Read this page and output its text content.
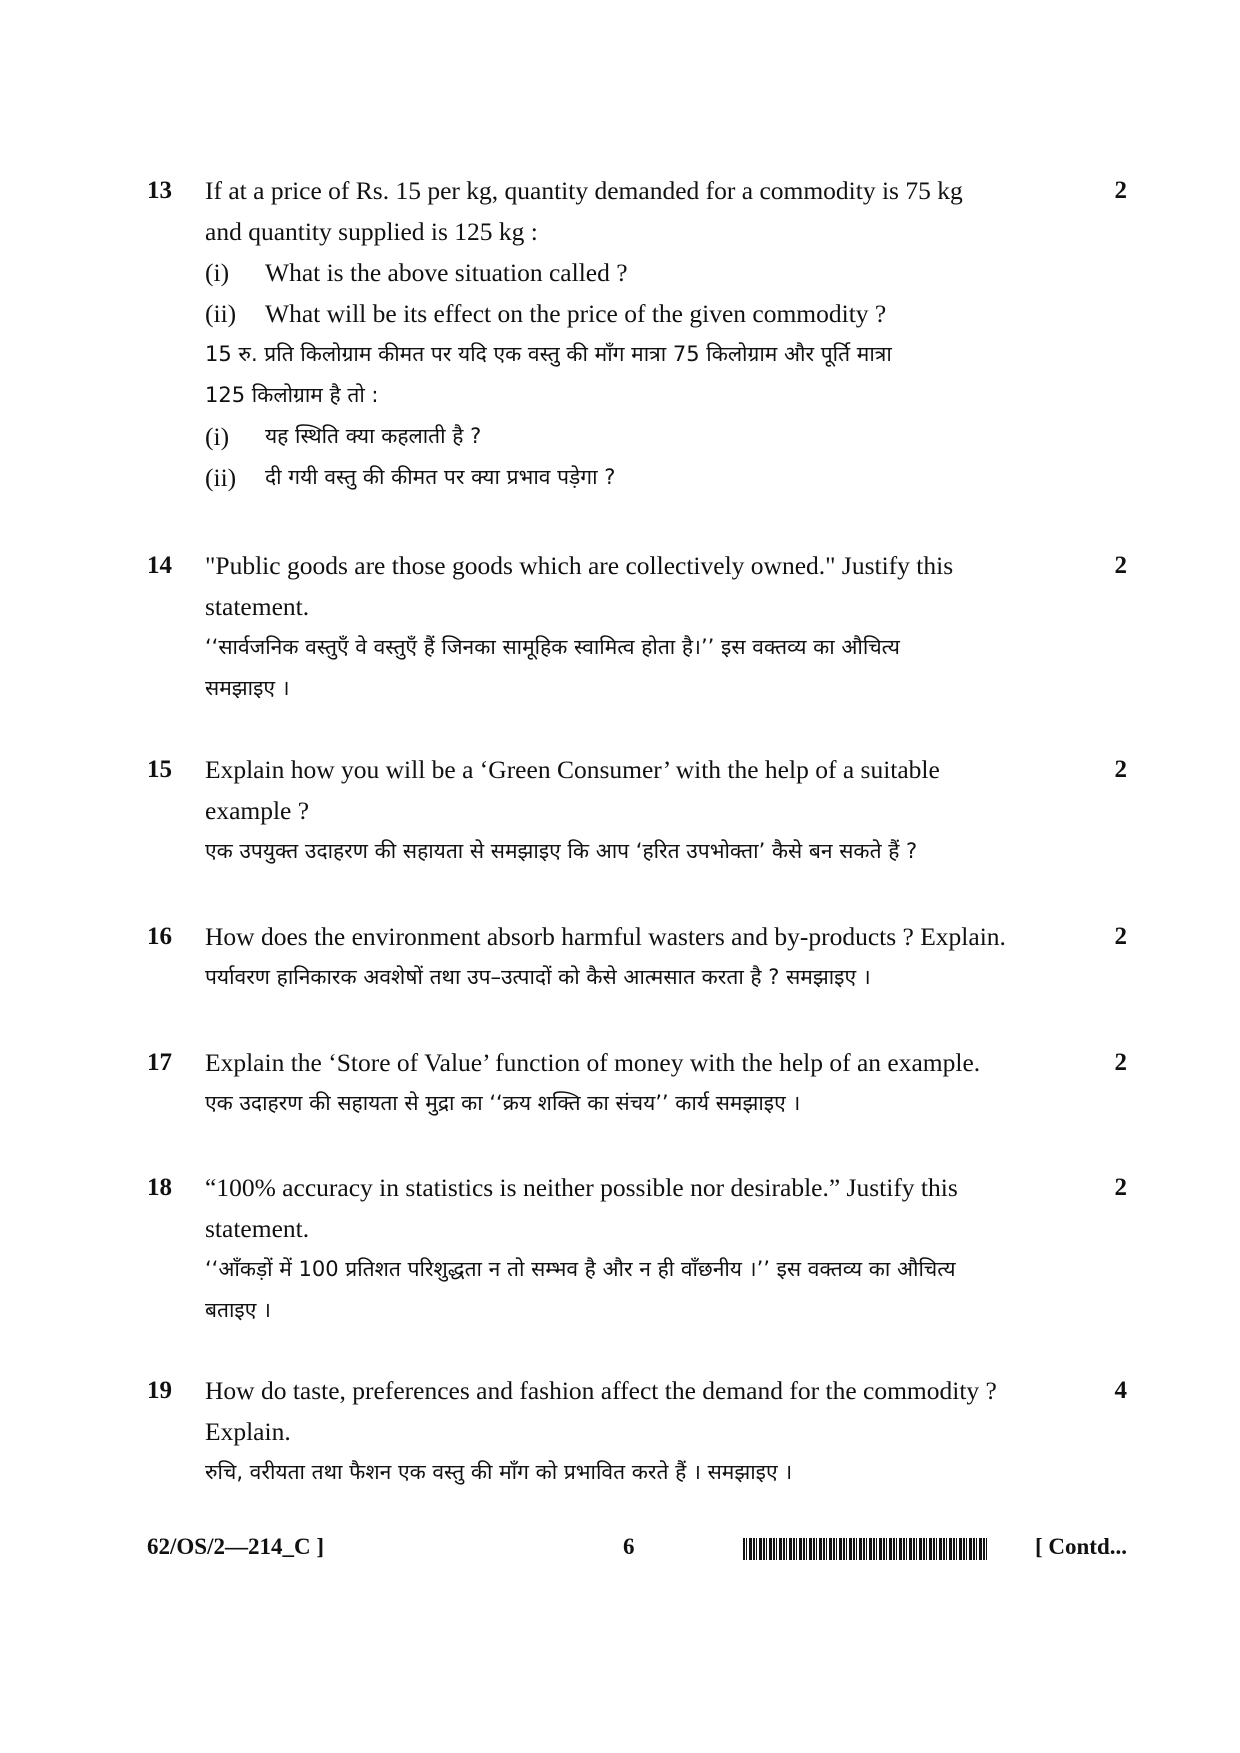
13	2
If at a price of Rs. 15 per kg, quantity demanded for a commodity is 75 kg
and quantity supplied is 125 kg :
(i)	What is the above situation called ?
(ii)	What will be its effect on the price of the given commodity ?
15 रु. प्रति किलोग्राम कीमत पर यदि एक वस्तु की माँग मात्रा 75 किलोग्राम और पूर्ति मात्रा
125 किलोग्राम है तो :
(i)	यह स्थिति क्या कहलाती है ?
(ii)	दी गयी वस्तु की कीमत पर क्या प्रभाव पड़ेगा ?
14	2
"Public goods are those goods which are collectively owned." Justify this
statement.
‘‘सार्वजनिक वस्तुएँ वे वस्तुएँ हैं जिनका सामूहिक स्वामित्व होता है।’’ इस वक्तव्य का औचित्य
समझाइए ।
15	2
Explain how you will be a ‘Green Consumer’ with the help of a suitable
example ?
एक उपयुक्त उदाहरण की सहायता से समझाइए कि आप ‘हरित उपभोक्ता’ कैसे बन सकते हैं ?
16	2
How does the environment absorb harmful wasters and by-products ? Explain.
पर्यावरण हानिकारक अवशेषों तथा उप–उत्पादों को कैसे आत्मसात करता है ? समझाइए ।
17	2
Explain the ‘Store of Value’ function of money with the help of an example.
एक उदाहरण की सहायता से मुद्रा का ‘‘क्रय शक्ति का संचय’’ कार्य समझाइए ।
18	2
“100% accuracy in statistics is neither possible nor desirable.” Justify this
statement.
‘‘आँकड़ों में 100 प्रतिशत परिशुद्धता न तो सम्भव है और न ही वाँछनीय ।’’ इस वक्तव्य का औचित्य
बताइए ।
19	4
How do taste, preferences and fashion affect the demand for the commodity ?
Explain.
रुचि, वरीयता तथा फैशन एक वस्तु की माँग को प्रभावित करते हैं । समझाइए ।
62/OS/2—214_C ]	6	[ Contd...
